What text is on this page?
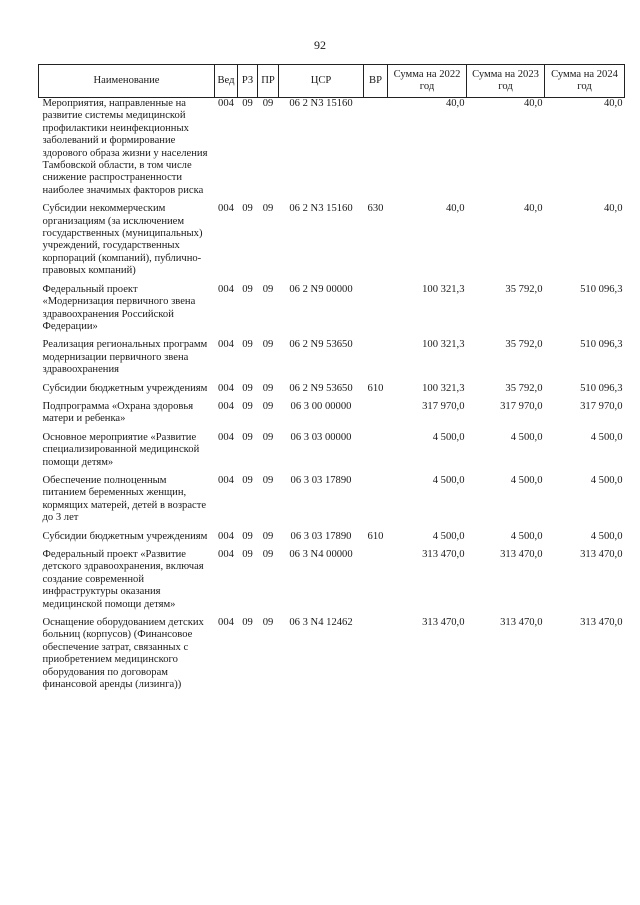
92
Наименование	Вед	РЗ	ПР	ЦСР	ВР	Сумма на 2022 год	Сумма на 2023 год	Сумма на 2024 год
Мероприятия, направленные на развитие системы медицинской профилактики неинфекционных заболеваний и формирование здорового образа жизни у населения Тамбовской области, в том числе снижение распространенности наиболее значимых факторов риска	004	09	09	06 2 N3 15160		40,0	40,0	40,0
Субсидии некоммерческим организациям (за исключением государственных (муниципальных) учреждений, государственных корпораций (компаний), публично-правовых компаний)	004	09	09	06 2 N3 15160	630	40,0	40,0	40,0
Федеральный проект «Модернизация первичного звена здравоохранения Российской Федерации»	004	09	09	06 2 N9 00000		100 321,3	35 792,0	510 096,3
Реализация региональных программ модернизации первичного звена здравоохранения	004	09	09	06 2 N9 53650		100 321,3	35 792,0	510 096,3
Субсидии бюджетным учреждениям	004	09	09	06 2 N9 53650	610	100 321,3	35 792,0	510 096,3
Подпрограмма «Охрана здоровья матери и ребенка»	004	09	09	06 3 00 00000		317 970,0	317 970,0	317 970,0
Основное мероприятие «Развитие специализированной медицинской помощи детям»	004	09	09	06 3 03 00000		4 500,0	4 500,0	4 500,0
Обеспечение полноценным питанием беременных женщин, кормящих матерей, детей в возрасте до 3 лет	004	09	09	06 3 03 17890		4 500,0	4 500,0	4 500,0
Субсидии бюджетным учреждениям	004	09	09	06 3 03 17890	610	4 500,0	4 500,0	4 500,0
Федеральный проект «Развитие детского здравоохранения, включая создание современной инфраструктуры оказания медицинской помощи детям»	004	09	09	06 3 N4 00000		313 470,0	313 470,0	313 470,0
Оснащение оборудованием детских больниц (корпусов) (Финансовое обеспечение затрат, связанных с приобретением медицинского оборудования по договорам финансовой аренды (лизинга))	004	09	09	06 3 N4 12462		313 470,0	313 470,0	313 470,0
